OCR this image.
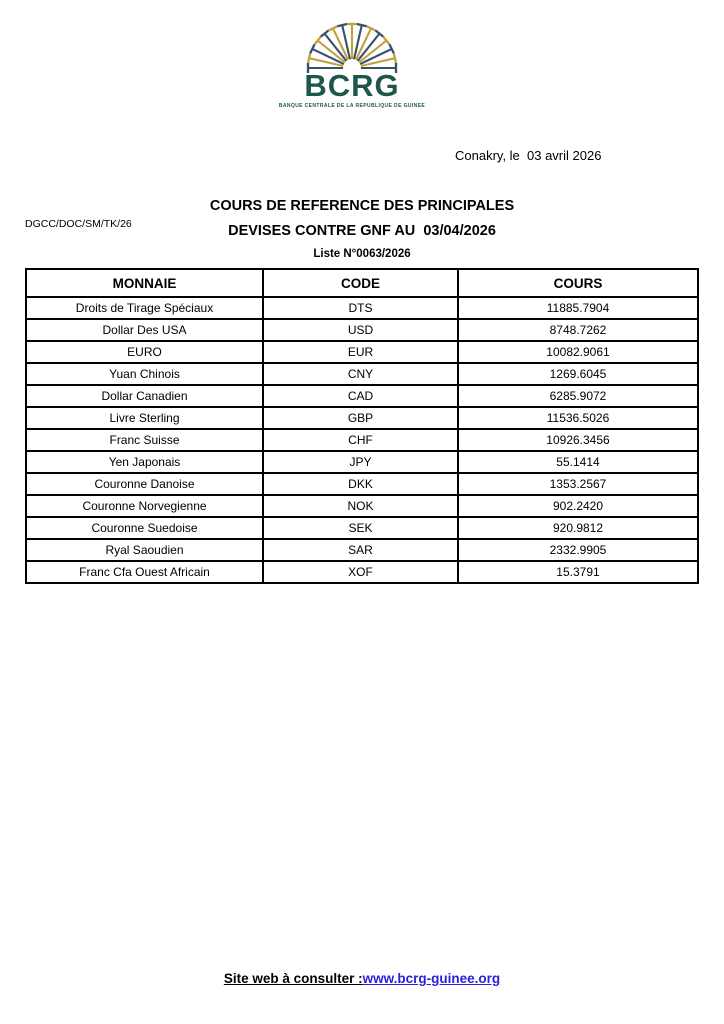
BCRG
BANQUE CENTRALE DE LA REPUBLIQUE DE GUINEE
Conakry, le  03 avril 2026
DGCC/DOC/SM/TK/26
COURS DE REFERENCE DES PRINCIPALES
DEVISES CONTRE GNF AU  03/04/2026
Liste N°0063/2026
MONNAIE	CODE	COURS
Droits de Tirage Spéciaux	DTS	11885.7904
Dollar Des USA	USD	8748.7262
EURO	EUR	10082.9061
Yuan Chinois	CNY	1269.6045
Dollar Canadien	CAD	6285.9072
Livre Sterling	GBP	11536.5026
Franc Suisse	CHF	10926.3456
Yen Japonais	JPY	55.1414
Couronne Danoise	DKK	1353.2567
Couronne Norvegienne	NOK	902.2420
Couronne Suedoise	SEK	920.9812
Ryal Saoudien	SAR	2332.9905
Franc Cfa Ouest Africain	XOF	15.3791
Site web à consulter :www.bcrg-guinee.org
